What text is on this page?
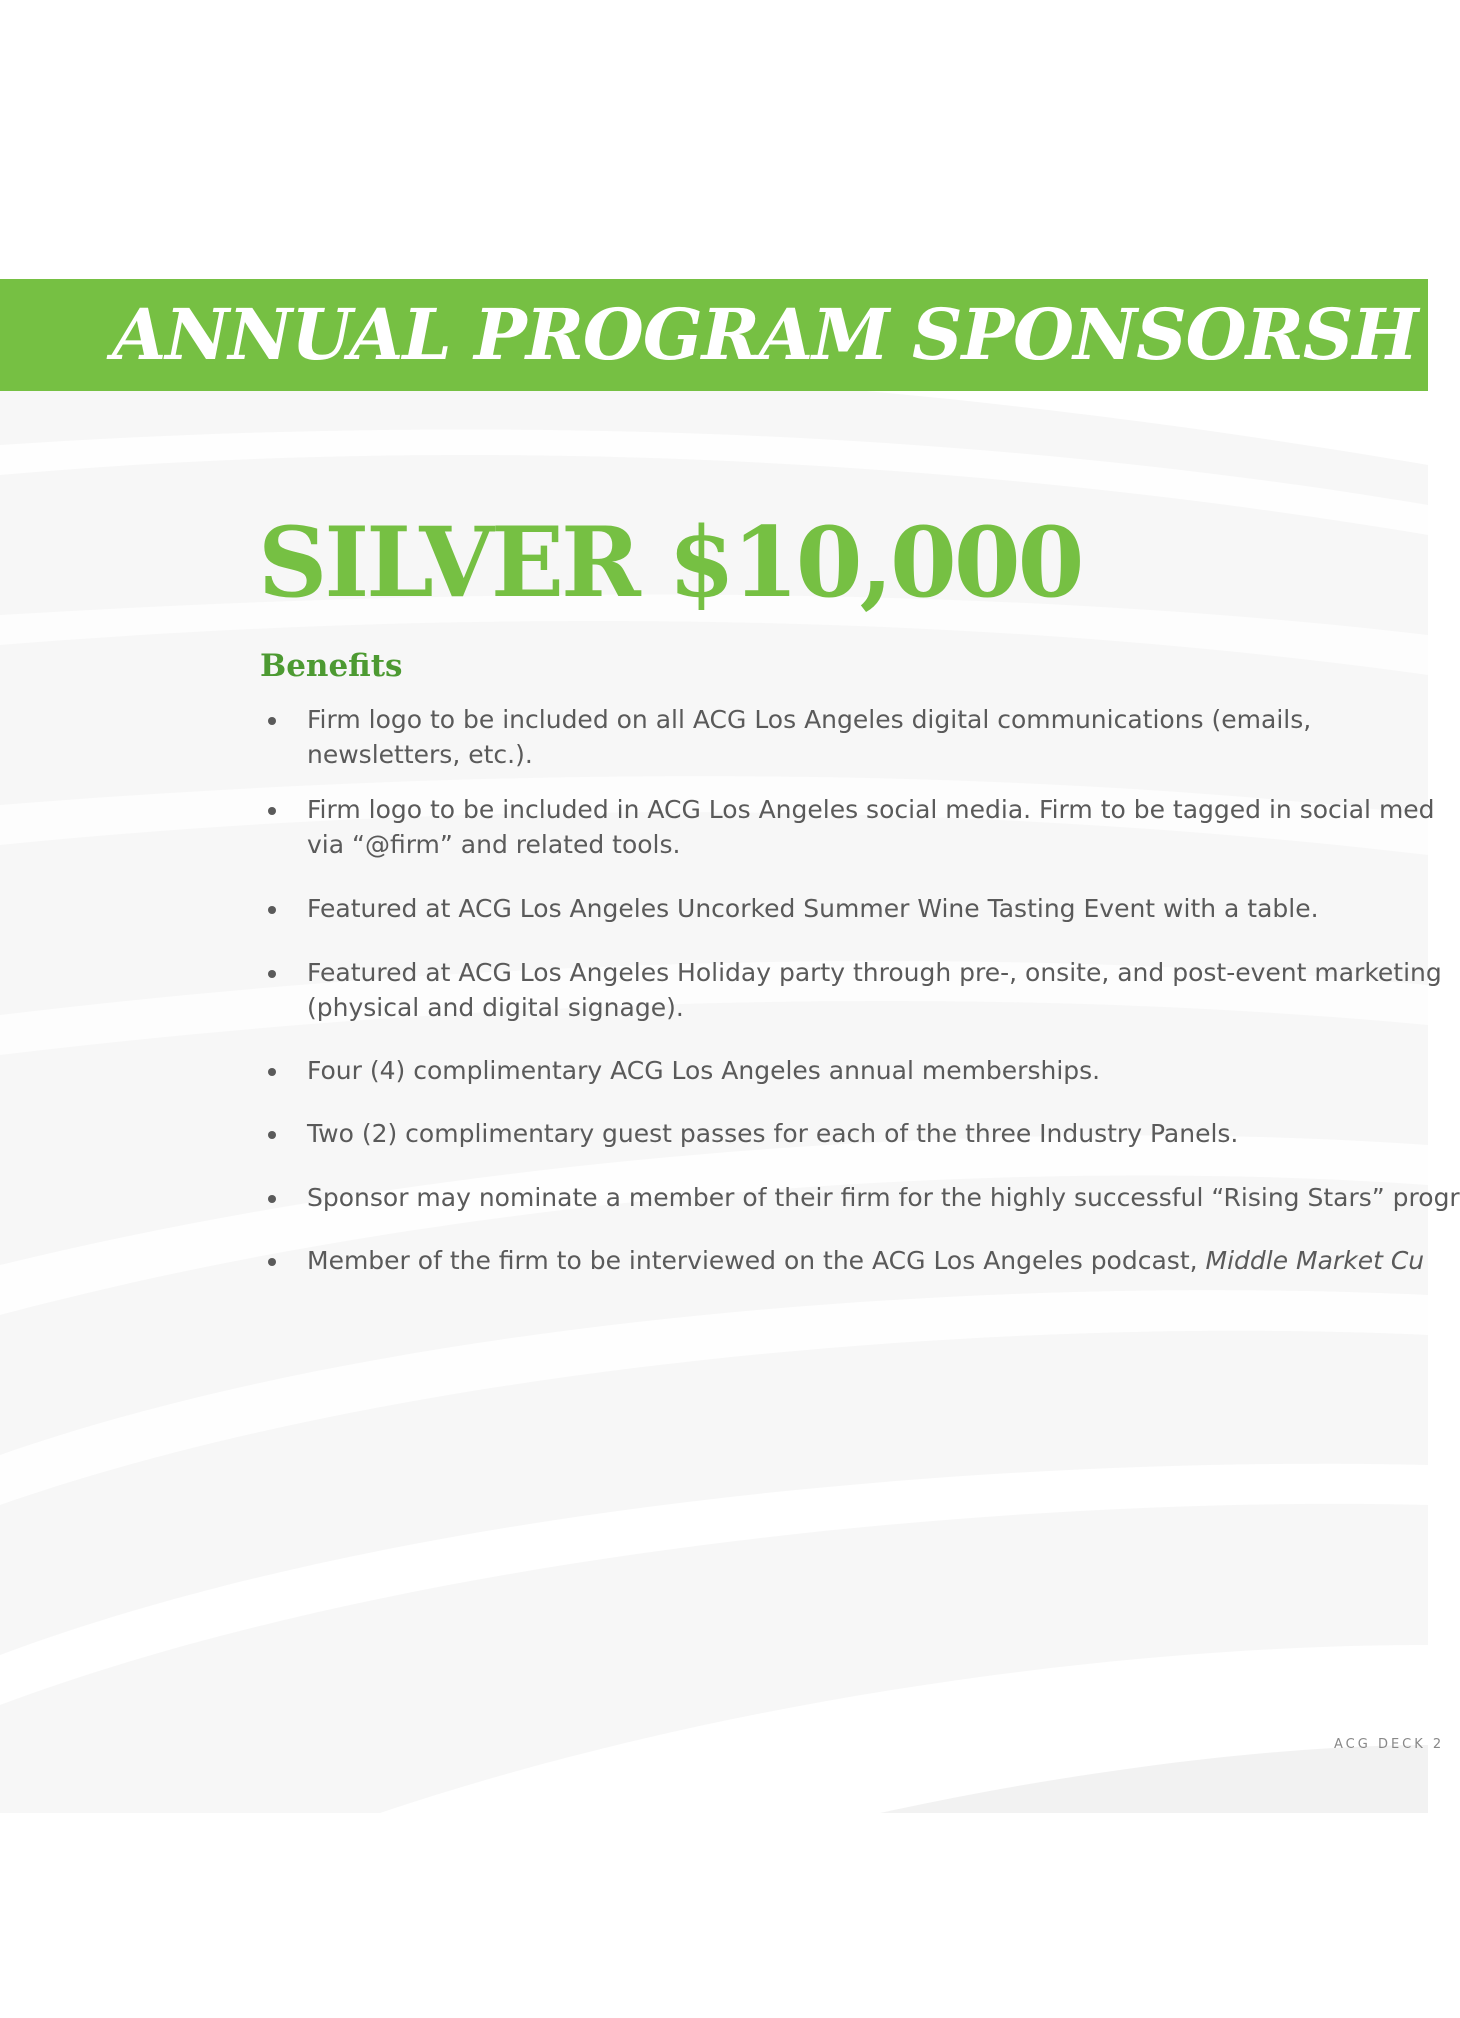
ANNUAL PROGRAM SPONSORSH
SILVER $10,000
Benefits
Firm logo to be included on all ACG Los Angeles digital communications (emails,
newsletters, etc.).
Firm logo to be included in ACG Los Angeles social media. Firm to be tagged in social med
via “@firm” and related tools.
Featured at ACG Los Angeles Uncorked Summer Wine Tasting Event with a table.
Featured at ACG Los Angeles Holiday party through pre-, onsite, and post-event marketing
(physical and digital signage).
Four (4) complimentary ACG Los Angeles annual memberships.
Two (2) complimentary guest passes for each of the three Industry Panels.
Sponsor may nominate a member of their firm for the highly successful “Rising Stars” progr
Member of the firm to be interviewed on the ACG Los Angeles podcast, Middle Market Cu
ACG DECK 2
